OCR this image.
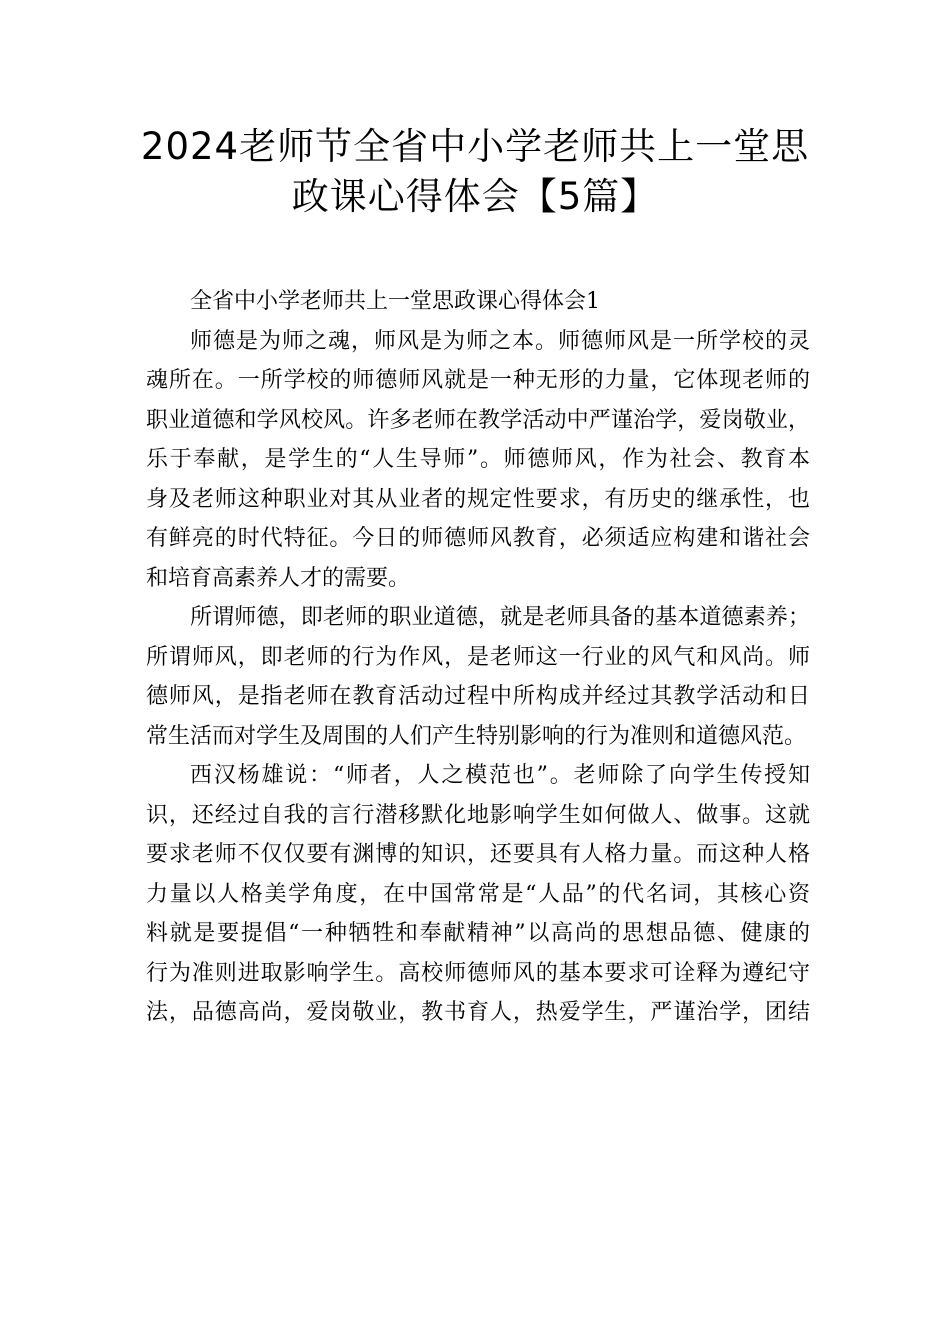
2024老师节全省中小学老师共上一堂思
政课心得体会【5篇】
全省中小学老师共上一堂思政课心得体会1
师德是为师之魂，师风是为师之本。师德师风是一所学校的灵
魂所在。一所学校的师德师风就是一种无形的力量，它体现老师的
职业道德和学风校风。许多老师在教学活动中严谨治学，爱岗敬业，
乐于奉献，是学生的“人生导师”。师德师风，作为社会、教育本
身及老师这种职业对其从业者的规定性要求，有历史的继承性，也
有鲜亮的时代特征。今日的师德师风教育，必须适应构建和谐社会
和培育高素养人才的需要。
所谓师德，即老师的职业道德，就是老师具备的基本道德素养；
所谓师风，即老师的行为作风，是老师这一行业的风气和风尚。师
德师风，是指老师在教育活动过程中所构成并经过其教学活动和日
常生活而对学生及周围的人们产生特别影响的行为准则和道德风范。
西汉杨雄说：“师者，人之模范也”。老师除了向学生传授知
识，还经过自我的言行潜移默化地影响学生如何做人、做事。这就
要求老师不仅仅要有渊博的知识，还要具有人格力量。而这种人格
力量以人格美学角度，在中国常常是“人品”的代名词，其核心资
料就是要提倡“一种牺牲和奉献精神”以高尚的思想品德、健康的
行为准则进取影响学生。高校师德师风的基本要求可诠释为遵纪守
法，品德高尚，爱岗敬业，教书育人，热爱学生，严谨治学，团结
